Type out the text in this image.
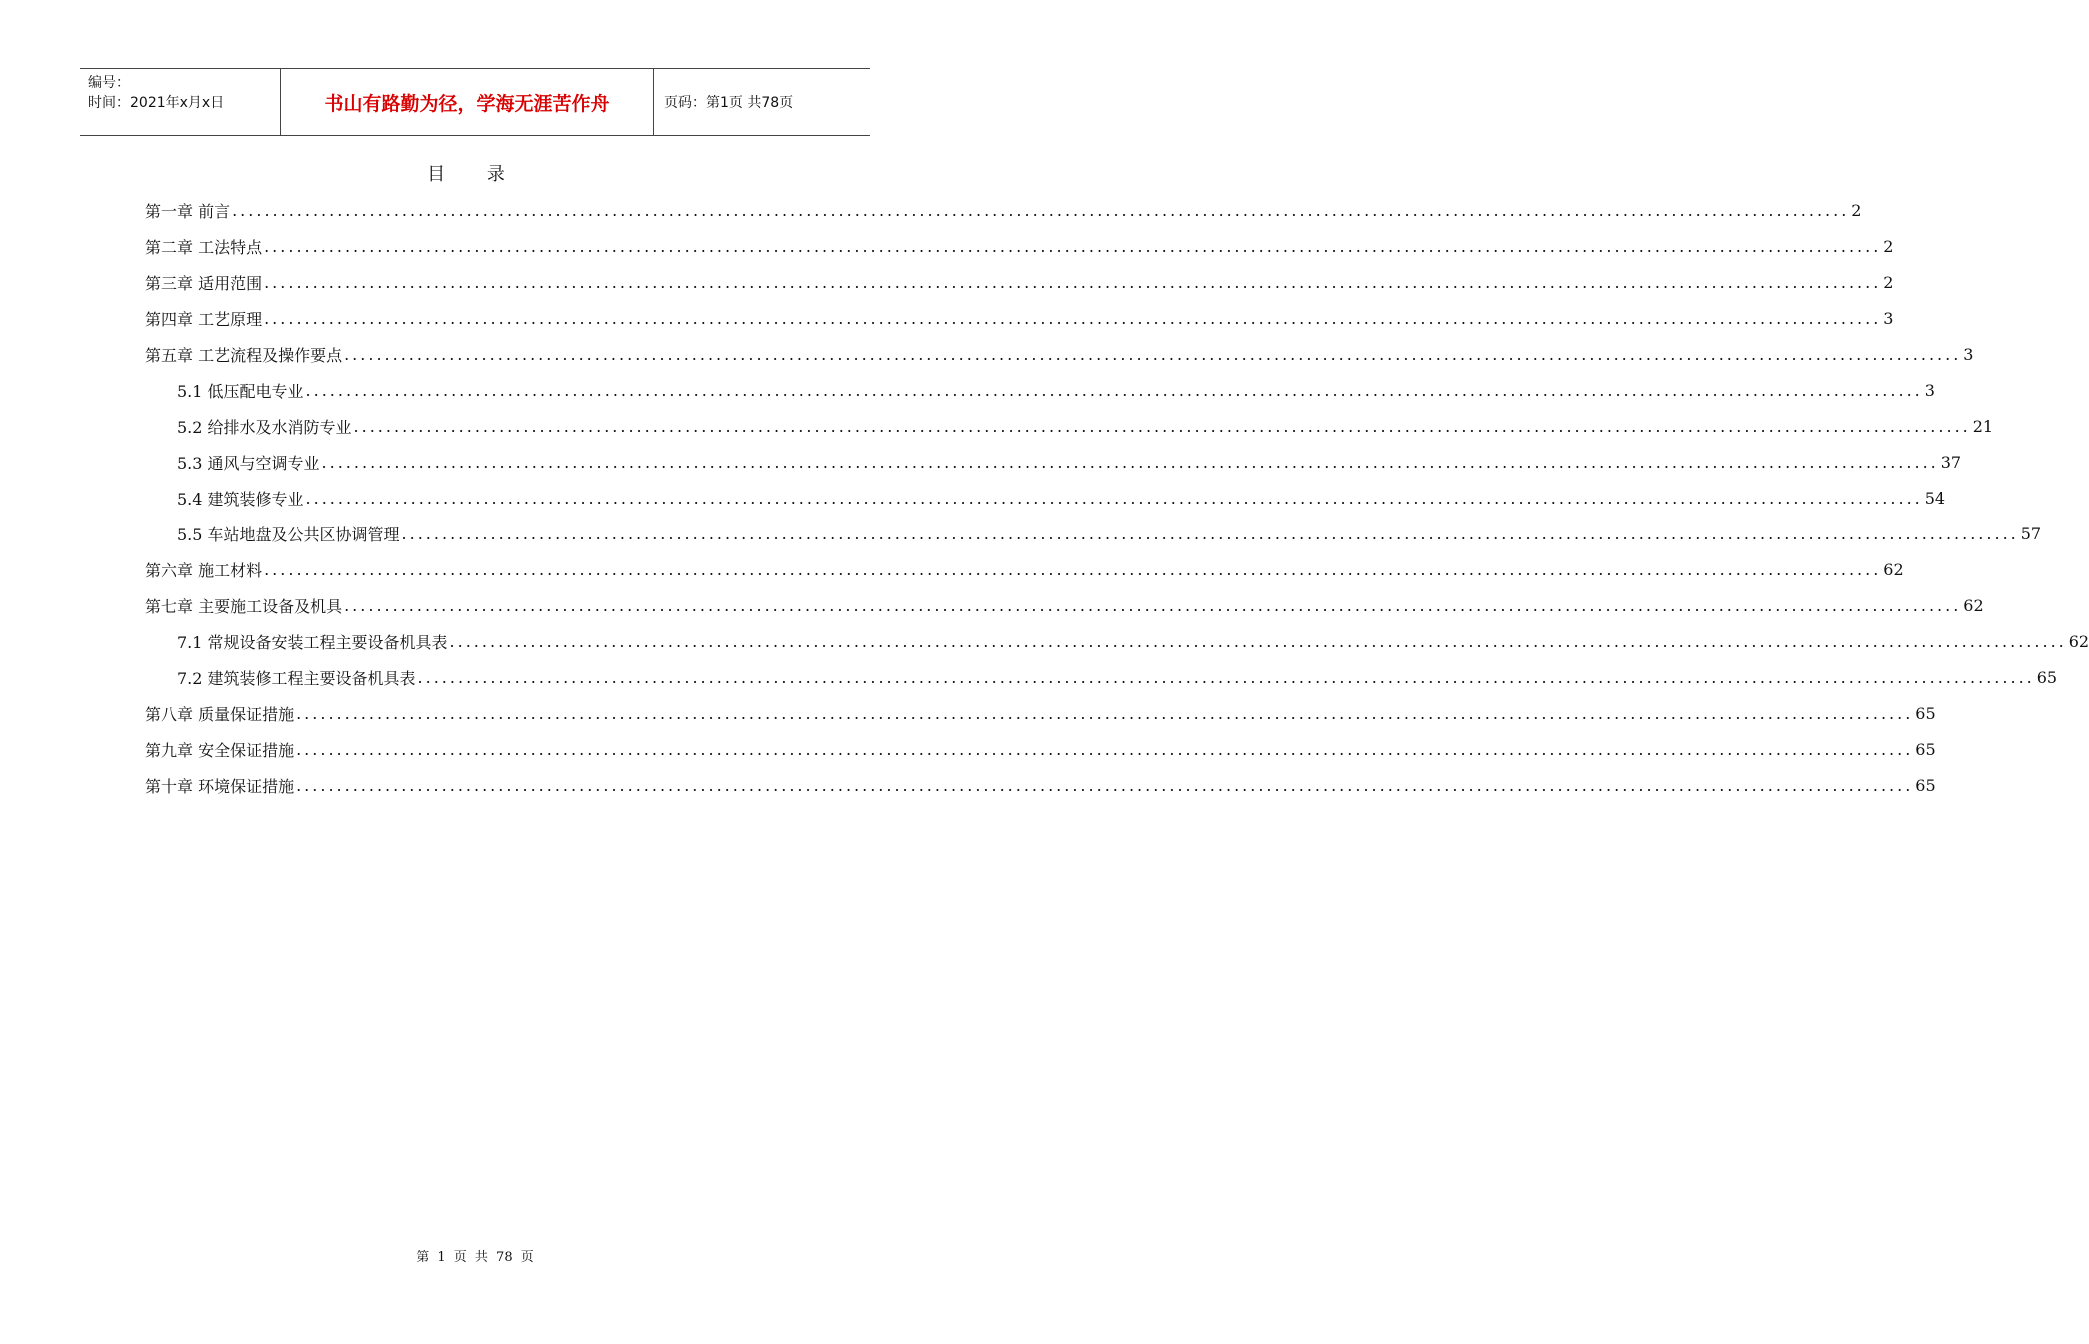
编号：
时间：2021年x月x日	书山有路勤为径，学海无涯苦作舟	页码：第1页 共78页
目 录
第一章 前言 ........................................................................................................................................................................................................ 2
第二章 工法特点 ........................................................................................................................................................................................................ 2
第三章 适用范围 ........................................................................................................................................................................................................ 2
第四章 工艺原理 ........................................................................................................................................................................................................ 3
第五章 工艺流程及操作要点 ........................................................................................................................................................................................................ 3
5.1 低压配电专业 ........................................................................................................................................................................................................ 3
5.2 给排水及水消防专业 ........................................................................................................................................................................................................ 21
5.3 通风与空调专业 ........................................................................................................................................................................................................ 37
5.4 建筑装修专业 ........................................................................................................................................................................................................ 54
5.5 车站地盘及公共区协调管理 ........................................................................................................................................................................................................ 57
第六章 施工材料 ........................................................................................................................................................................................................ 62
第七章 主要施工设备及机具 ........................................................................................................................................................................................................ 62
7.1 常规设备安装工程主要设备机具表 ........................................................................................................................................................................................................ 62
7.2 建筑装修工程主要设备机具表 ........................................................................................................................................................................................................ 65
第八章 质量保证措施 ........................................................................................................................................................................................................ 65
第九章 安全保证措施 ........................................................................................................................................................................................................ 65
第十章 环境保证措施 ........................................................................................................................................................................................................ 65
第 1 页 共 78 页
